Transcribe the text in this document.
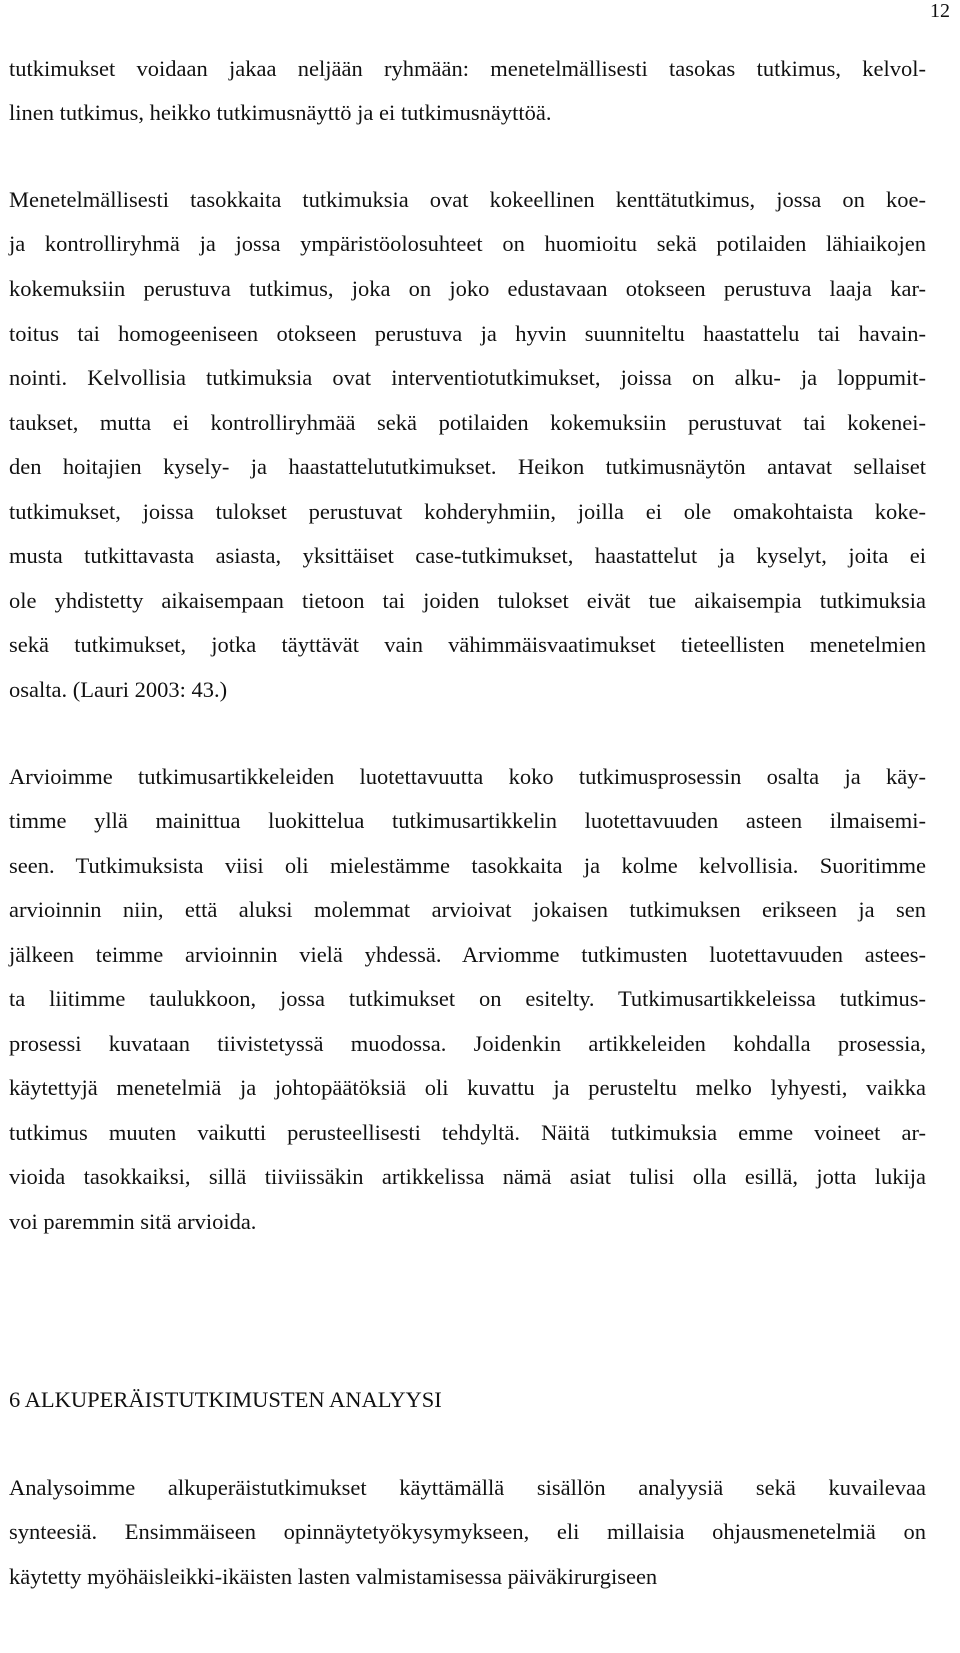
12
tutkimukset voidaan jakaa neljään ryhmään: menetelmällisesti tasokas tutkimus, kelvol-
linen tutkimus, heikko tutkimusnäyttö ja ei tutkimusnäyttöä.
Menetelmällisesti tasokkaita tutkimuksia ovat kokeellinen kenttätutkimus, jossa on koe-
ja kontrolliryhmä ja jossa ympäristöolosuhteet on huomioitu sekä potilaiden lähiaikojen
kokemuksiin perustuva tutkimus, joka on joko edustavaan otokseen perustuva laaja kar-
toitus tai homogeeniseen otokseen perustuva ja hyvin suunniteltu haastattelu tai havain-
nointi. Kelvollisia tutkimuksia ovat interventiotutkimukset, joissa on alku- ja loppumit-
taukset, mutta ei kontrolliryhmää sekä potilaiden kokemuksiin perustuvat tai kokenei-
den hoitajien kysely- ja haastattelututkimukset. Heikon tutkimusnäytön antavat sellaiset
tutkimukset, joissa tulokset perustuvat kohderyhmiin, joilla ei ole omakohtaista koke-
musta tutkittavasta asiasta, yksittäiset case-tutkimukset, haastattelut ja kyselyt, joita ei
ole yhdistetty aikaisempaan tietoon tai joiden tulokset eivät tue aikaisempia tutkimuksia
sekä tutkimukset, jotka täyttävät vain vähimmäisvaatimukset tieteellisten menetelmien
osalta. (Lauri 2003: 43.)
Arvioimme tutkimusartikkeleiden luotettavuutta koko tutkimusprosessin osalta ja käy-
timme yllä mainittua luokittelua tutkimusartikkelin luotettavuuden asteen ilmaisemi-
seen. Tutkimuksista viisi oli mielestämme tasokkaita ja kolme kelvollisia. Suoritimme
arvioinnin niin, että aluksi molemmat arvioivat jokaisen tutkimuksen erikseen ja sen
jälkeen teimme arvioinnin vielä yhdessä. Arviomme tutkimusten luotettavuuden astees-
ta liitimme taulukkoon, jossa tutkimukset on esitelty. Tutkimusartikkeleissa tutkimus-
prosessi kuvataan tiivistetyssä muodossa. Joidenkin artikkeleiden kohdalla prosessia,
käytettyjä menetelmiä ja johtopäätöksiä oli kuvattu ja perusteltu melko lyhyesti, vaikka
tutkimus muuten vaikutti perusteellisesti tehdyltä. Näitä tutkimuksia emme voineet ar-
vioida tasokkaiksi, sillä tiiviissäkin artikkelissa nämä asiat tulisi olla esillä, jotta lukija
voi paremmin sitä arvioida.
6 ALKUPERÄISTUTKIMUSTEN ANALYYSI
Analysoimme alkuperäistutkimukset käyttämällä sisällön analyysiä sekä kuvailevaa
synteesiä. Ensimmäiseen opinnäytetyökysymykseen, eli millaisia ohjausmenetelmiä on
käytetty myöhäisleikki-ikäisten lasten valmistamisessa päiväkirurgiseen
